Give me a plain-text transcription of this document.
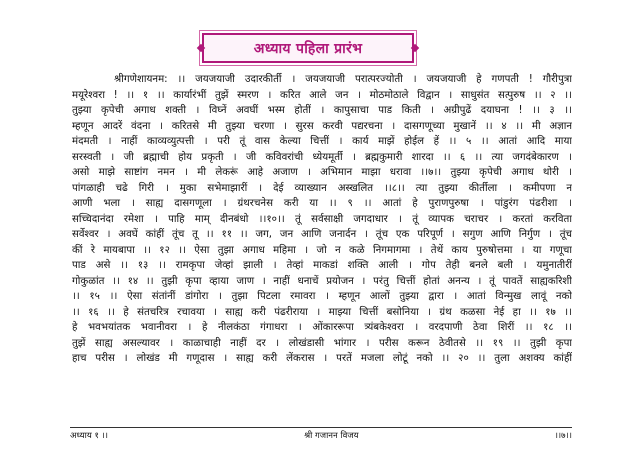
अध्याय पहिला प्रारंभ
श्रीगणेशायनम: ।। जयजयाजी उदारकीर्ती । जयजयाजी परात्परज्योती । जयजयाजी हे गणपती ! गौरीपुत्रा
मयूरेश्वरा ! ।। १ ।। कार्यारंभीं तुझें स्मरण । करित आले जन । मोठमोठाले विद्वान । साधुसंत सत्पुरुष ।। २ ।।
तुझ्या कृपेची अगाध शक्ती । विघ्नें अवघीं भस्म होतीं । कापुसाचा पाड किती । अग्रीपुढें दयाघना ! ।। ३ ।।
म्हणून आदरें वंदना । करितसे मी तुझ्या चरणा । सुरस करवी पद्यरचना । दासगणूच्या मुखानें ।। ४ ।। मी अज्ञान
मंदमती । नाहीं काव्यव्युत्पत्ती । परी तूं वास केल्या चित्तीं । कार्य माझें होईल हें ।। ५ ।। आतां आदि माया
सरस्वती । जी ब्रह्माची होय प्रकृती । जी कविवरांची ध्येयमूर्ती । ब्रह्मकुमारी शारदा ।। ६ ।। त्या जगदंबेकारण ।
असो माझे साष्टांग नमन । मी लेकरूं आहे अजाण । अभिमान माझा धरावा ।।७।। तुझ्या कृपेची अगाध थोरी ।
पांगळाही चढे गिरी । मुका सभेमाझारीं । देई व्याख्यान अस्खलित ।।८।। त्या तुझ्या कीर्तीला । कमीपणा न
आणी भला । साह्य दासगणूला । ग्रंथरचनेस करी या ।। ९ ।। आतां हे पुराणपुरुषा । पांडुरंग पंढरीशा ।
सच्चिदानंदा रमेशा । पाहि माम् दीनबंधो ।।१०।। तूं सर्वसाक्षी जगदाधार । तूं व्यापक चराचर । करतां करविता
सर्वेश्वर । अवघें कांहीं तूंच तू ।। ११ ।। जग, जन आणि जनार्दन । तूंच एक परिपूर्ण । सगुण आणि निर्गुण । तूंच
कीं रे मायबापा ।। १२ ।। ऐसा तुझा अगाध महिमा । जो न कळे निगमागमा । तेथें काय पुरुषोत्तमा । या गणूचा
पाड असे ।। १३ ।। रामकृपा जेव्हां झाली । तेव्हां माकडां शक्ति आली । गोप तेही बनले बली । यमुनातीरीं
गोकुळांत ।। १४ ।। तुझी कृपा व्हाया जाण । नाहीं धनाचें प्रयोजन । परंतु चित्तीं होतां अनन्य । तूं पावतें साह्यकरिशी
।। १५ ।। ऐसा संतांनीं डांगोरा । तुझा पिटला रमावरा । म्हणून आलों तुझ्या द्वारा । आतां विन्मुख लावूं नको
।। १६ ।। हे संतचरित्र रचावया । साह्य करी पंढरीराया । माझ्या चित्तीं बसोनिया । ग्रंथ कळसा नेई हा ।। १७ ।।
हे भवभयांतक भवानीवरा । हे नीलकंठा गंगाधरा । ओंकाररूपा त्र्यंबकेश्वरा । वरदपाणी ठेवा शिरीं ।। १८ ।।
तुझें साह्य असल्यावर । काळाचाही नाहीं दर । लोखंडासी भांगार । परीस करून ठेवीतसे ।। १९ ।। तुझी कृपा
हाच परीस । लोखंड मी गणूदास । साह्य करी लेंकरास । परतें मजला लोटूं नको ।। २० ।। तुला अशक्य कांहीं
अध्याय १ ।।	श्री गजानन विजय	।।७।।
